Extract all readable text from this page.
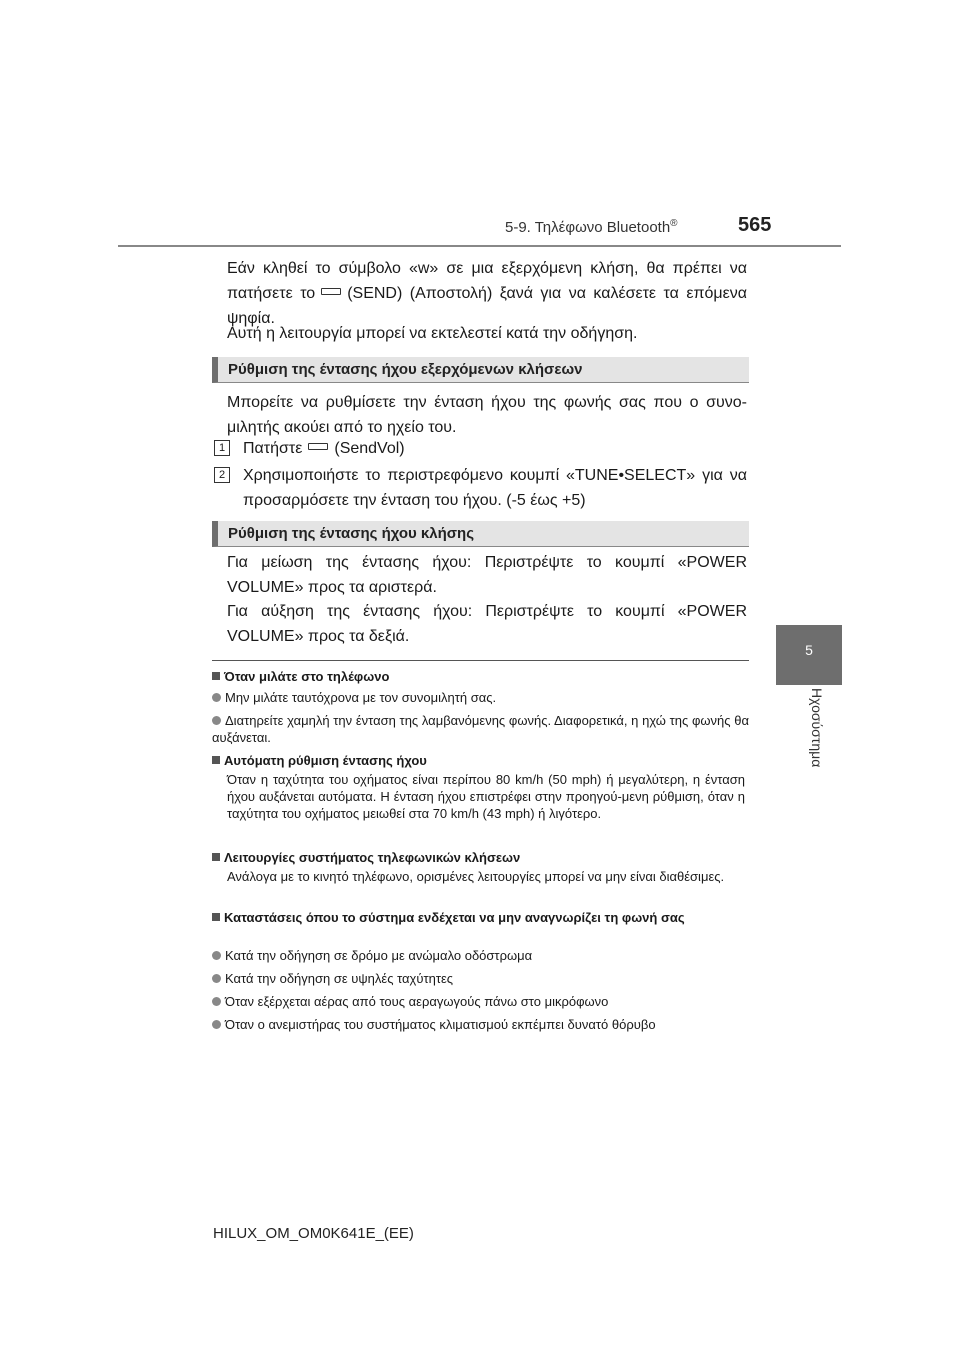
5-9. Τηλέφωνο Bluetooth®	565
5
Ηχοσύστημα
Εάν κληθεί το σύμβολο «w» σε μια εξερχόμενη κλήση, θα πρέπει να πατήσετε το (SEND) (Αποστολή) ξανά για να καλέσετε τα επόμενα ψηφία.
Αυτή η λειτουργία μπορεί να εκτελεστεί κατά την οδήγηση.
Ρύθμιση της έντασης ήχου εξερχόμενων κλήσεων
Μπορείτε να ρυθμίσετε την ένταση ήχου της φωνής σας που ο συνο-μιλητής ακούει από το ηχείο του.
1	Πατήστε (SendVol)
2	Χρησιμοποιήστε το περιστρεφόμενο κουμπί «TUNE•SELECT» για να προσαρμόσετε την ένταση του ήχου. (-5 έως +5)
Ρύθμιση της έντασης ήχου κλήσης
Για μείωση της έντασης ήχου: Περιστρέψτε το κουμπί «POWER VOLUME» προς τα αριστερά.
Για αύξηση της έντασης ήχου: Περιστρέψτε το κουμπί «POWER VOLUME» προς τα δεξιά.
Όταν μιλάτε στο τηλέφωνο
Μην μιλάτε ταυτόχρονα με τον συνομιλητή σας.
Διατηρείτε χαμηλή την ένταση της λαμβανόμενης φωνής. Διαφορετικά, η ηχώ της φωνής θα αυξάνεται.
Αυτόματη ρύθμιση έντασης ήχου
Όταν η ταχύτητα του οχήματος είναι περίπου 80 km/h (50 mph) ή μεγαλύτερη, η ένταση ήχου αυξάνεται αυτόματα. Η ένταση ήχου επιστρέφει στην προηγού-μενη ρύθμιση, όταν η ταχύτητα του οχήματος μειωθεί στα 70 km/h (43 mph) ή λιγότερο.
Λειτουργίες συστήματος τηλεφωνικών κλήσεων
Ανάλογα με το κινητό τηλέφωνο, ορισμένες λειτουργίες μπορεί να μην είναι διαθέσιμες.
Καταστάσεις όπου το σύστημα ενδέχεται να μην αναγνωρίζει τη φωνή σας
Κατά την οδήγηση σε δρόμο με ανώμαλο οδόστρωμα
Κατά την οδήγηση σε υψηλές ταχύτητες
Όταν εξέρχεται αέρας από τους αεραγωγούς πάνω στο μικρόφωνο
Όταν ο ανεμιστήρας του συστήματος κλιματισμού εκπέμπει δυνατό θόρυβο
HILUX_OM_OM0K641E_(EE)
